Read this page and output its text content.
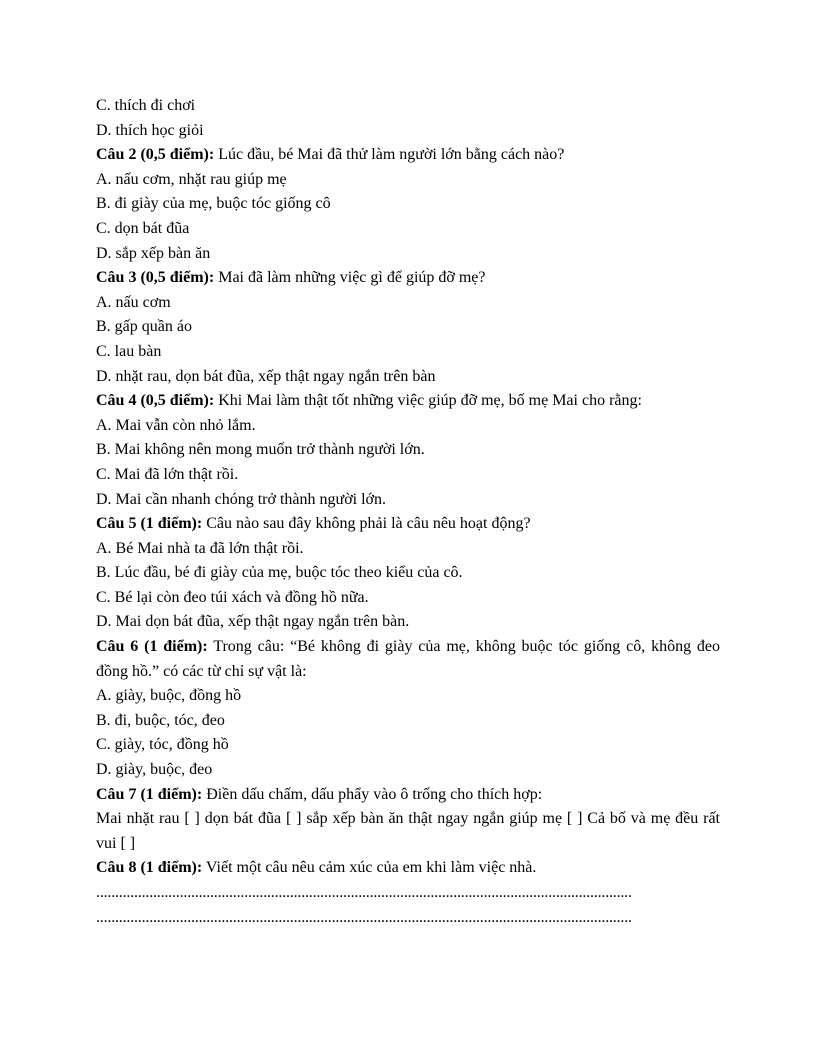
C. thích đi chơi

D. thích học giỏi

Câu 2 (0,5 điểm): Lúc đầu, bé Mai đã thử làm người lớn bằng cách nào?

A. nấu cơm, nhặt rau giúp mẹ

B. đi giày của mẹ, buộc tóc giống cô

C. dọn bát đũa

D. sắp xếp bàn ăn

Câu 3 (0,5 điểm): Mai đã làm những việc gì để giúp đỡ mẹ?

A. nấu cơm

B. gấp quần áo

C. lau bàn

D. nhặt rau, dọn bát đũa, xếp thật ngay ngắn trên bàn

Câu 4 (0,5 điểm): Khi Mai làm thật tốt những việc giúp đỡ mẹ, bố mẹ Mai cho rằng:

A. Mai vẫn còn nhỏ lắm.

B. Mai không nên mong muốn trở thành người lớn.

C. Mai đã lớn thật rồi.

D. Mai cần nhanh chóng trở thành người lớn.

Câu 5 (1 điểm): Câu nào sau đây không phải là câu nêu hoạt động?

A. Bé Mai nhà ta đã lớn thật rồi.

B. Lúc đầu, bé đi giày của mẹ, buộc tóc theo kiểu của cô.

C. Bé lại còn đeo túi xách và đồng hồ nữa.

D. Mai dọn bát đũa, xếp thật ngay ngắn trên bàn.

Câu 6 (1 điểm): Trong câu: “Bé không đi giày của mẹ, không buộc tóc giống cô, không đeo đồng hồ.” có các từ chỉ sự vật là:

A. giày, buộc, đồng hồ

B. đi, buộc, tóc, đeo

C. giày, tóc, đồng hồ

D. giày, buộc, đeo

Câu 7 (1 điểm): Điền dấu chấm, dấu phẩy vào ô trống cho thích hợp:

Mai nhặt rau [ ] dọn bát đũa [ ] sắp xếp bàn ăn thật ngay ngắn giúp mẹ [ ] Cả bố và mẹ đều rất vui [ ]

Câu 8 (1 điểm): Viết một câu nêu cảm xúc của em khi làm việc nhà.

.............................................................................................................................................

.............................................................................................................................................
